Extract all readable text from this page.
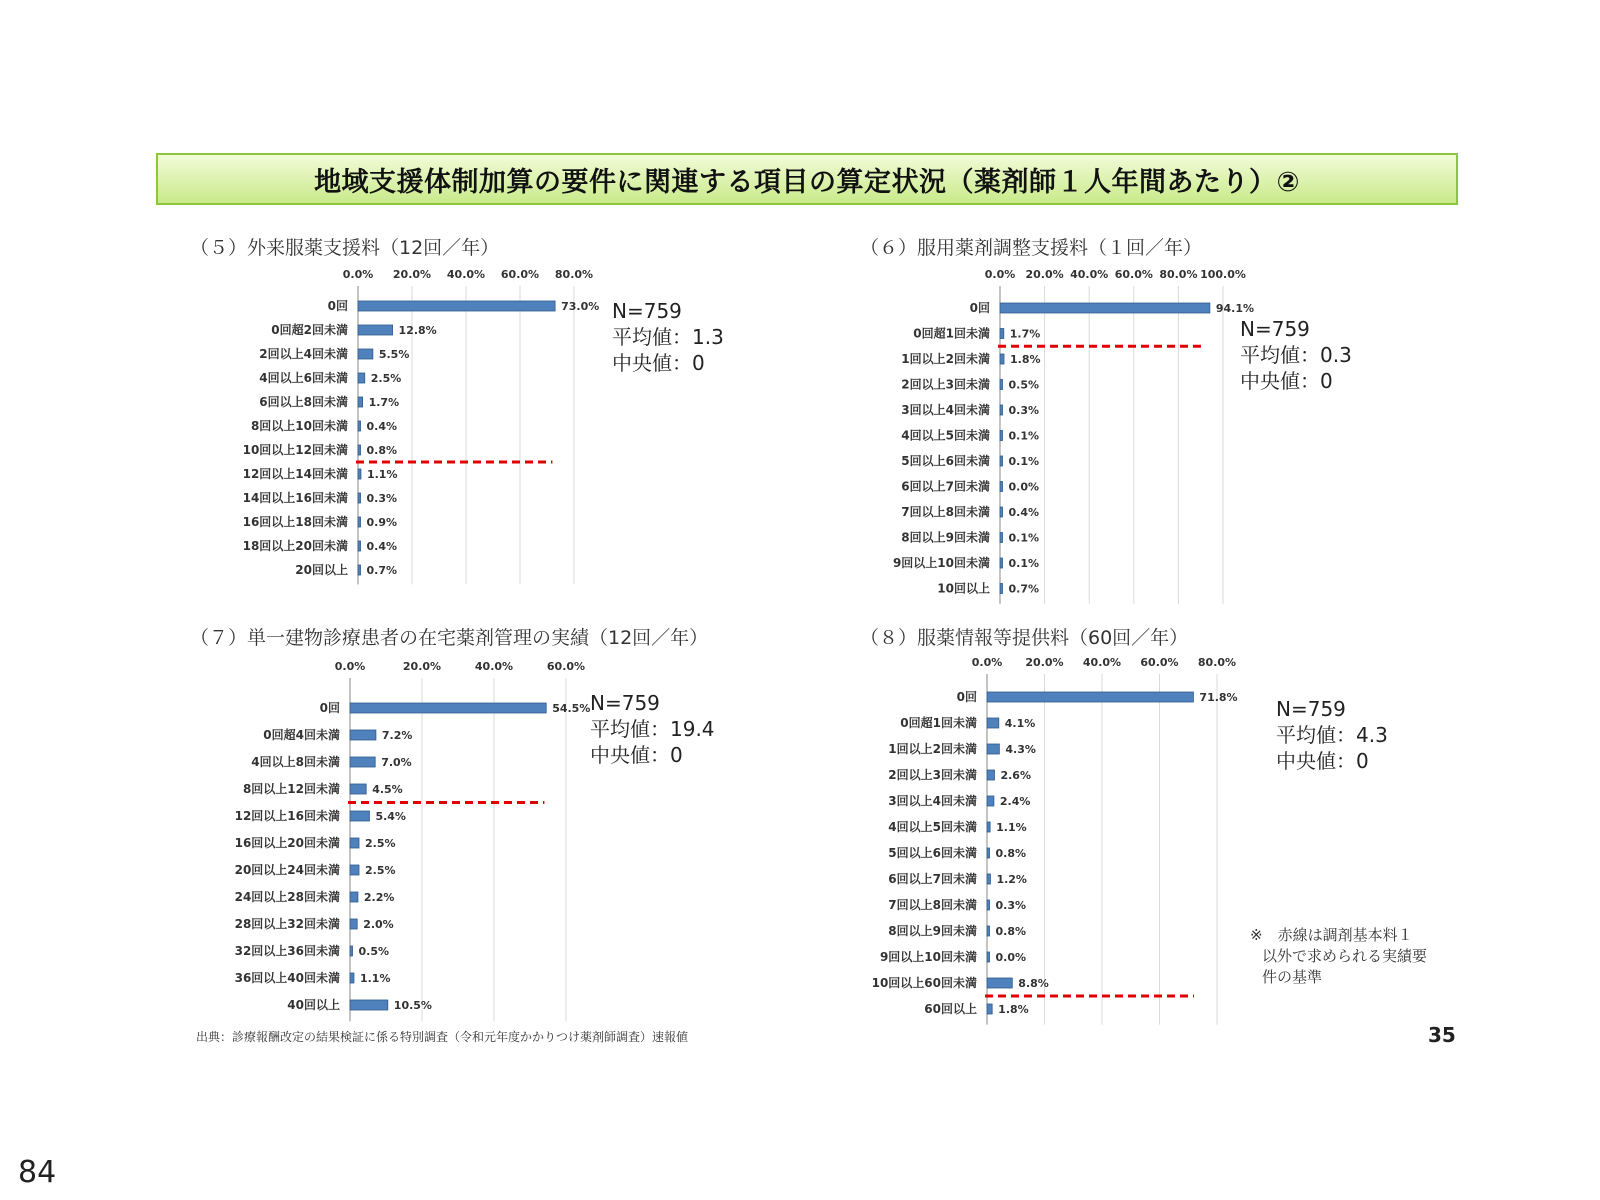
地域支援体制加算の要件に関連する項目の算定状況（薬剤師１人年間あたり）②
（５）外来服薬支援料（12回／年）
0.0% 20.0% 40.0% 60.0% 80.0%
0回	73.0%
0回超2回未満	12.8%
2回以上4回未満	5.5%
4回以上6回未満 2.5%
6回以上8回未満 1.7%
8回以上10回未満 0.4%
10回以上12回未満 0.8%
12回以上14回未満 1.1%
14回以上16回未満 0.3%
16回以上18回未満 0.9%
18回以上20回未満 0.4%
20回以上 0.7%
N=759
平均値：1.3
中央値：0
（６）服用薬剤調整支援料（１回／年）
0.0% 20.0% 40.0% 60.0% 80.0% 100.0%
0回	94.1%
0回超1回未満 1.7%
1回以上2回未満 1.8%
2回以上3回未満 0.5%
3回以上4回未満 0.3%
4回以上5回未満 0.1%
5回以上6回未満 0.1%
6回以上7回未満 0.0%
7回以上8回未満 0.4%
8回以上9回未満 0.1%
9回以上10回未満 0.1%
10回以上 0.7%
N=759
平均値：0.3
中央値：0
（７）単一建物診療患者の在宅薬剤管理の実績（12回／年）
0.0%	20.0%	40.0%	60.0%
0回	54.5%
0回超4回未満	7.2%
4回以上8回未満	7.0%
8回以上12回未満	4.5%
12回以上16回未満	5.4%
16回以上20回未満 2.5%
20回以上24回未満 2.5%
24回以上28回未満 2.2%
28回以上32回未満 2.0%
32回以上36回未満 0.5%
36回以上40回未満 1.1%
40回以上	10.5%
N=759
平均値：19.4
中央値：0
（８）服薬情報等提供料（60回／年）
0.0% 20.0% 40.0% 60.0% 80.0%
0回	71.8%
0回超1回未満	4.1%
1回以上2回未満	4.3%
2回以上3回未満 2.6%
3回以上4回未満 2.4%
4回以上5回未満 1.1%
5回以上6回未満 0.8%
6回以上7回未満 1.2%
7回以上8回未満 0.3%
8回以上9回未満 0.8%
9回以上10回未満 0.0%
10回以上60回未満	8.8%
60回以上 1.8%
N=759
平均値：4.3
中央値：0
※　赤線は調剤基本料１
以外で求められる実績要
件の基準
出典：診療報酬改定の結果検証に係る特別調査（令和元年度かかりつけ薬剤師調査）速報値	35
84
